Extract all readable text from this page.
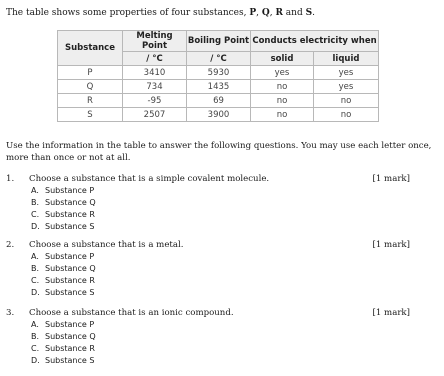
The table shows some properties of four substances, P, Q, R and S.
Substance	Melting Point	Boiling Point	Conducts electricity when	
	/ °C	/ °C	solid	liquid
P	3410	5930	yes	yes
Q	734	1435	no	yes
R	-95	69	no	no
S	2507	3900	no	no
Use the information in the table to answer the following questions. You may use each letter once, more than once or not at all.
1. Choose a substance that is a simple covalent molecule.	[1 mark]
A. Substance P
B. Substance Q
C. Substance R
D. Substance S
2. Choose a substance that is a metal.	[1 mark]
A. Substance P
B. Substance Q
C. Substance R
D. Substance S
3. Choose a substance that is an ionic compound.	[1 mark]
A. Substance P
B. Substance Q
C. Substance R
D. Substance S
